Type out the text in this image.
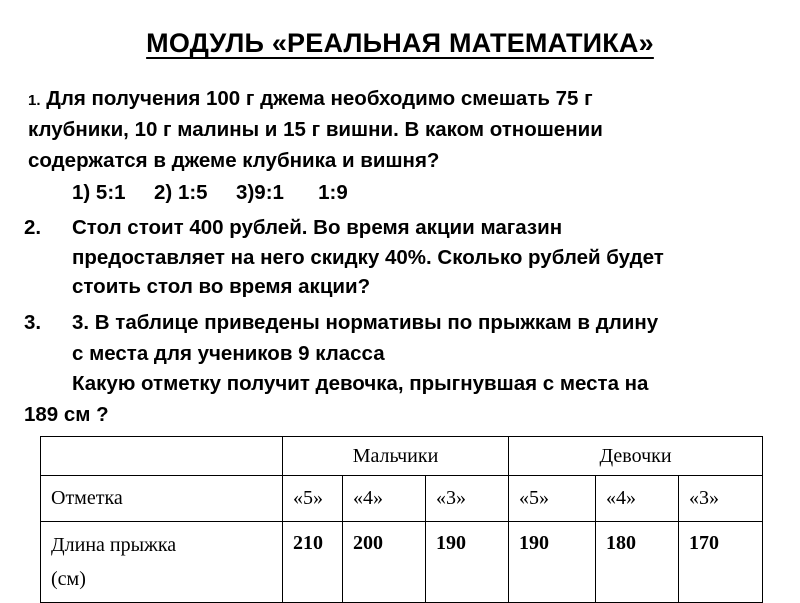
МОДУЛЬ «РЕАЛЬНАЯ МАТЕМАТИКА»
1. Для получения 100 г джема необходимо смешать 75 г
клубники, 10 г малины и 15 г вишни. В каком отношении
содержатся в джеме клубника и вишня?
1) 5:1     2) 1:5     3)9:1      1:9
2. Стол стоит 400 рублей. Во время акции магазин
предоставляет на него скидку 40%. Сколько рублей будет
стоить стол во время акции?
3. 3. В таблице приведены нормативы по прыжкам в длину
с места для учеников 9 класса
Какую отметку получит девочка, прыгнувшая с места на
189 см ?
	Мальчики			Девочки		
Отметка	«5»	«4»	«3»	«5»	«4»	«3»
Длина прыжка
(см)	210	200	190	190	180	170
